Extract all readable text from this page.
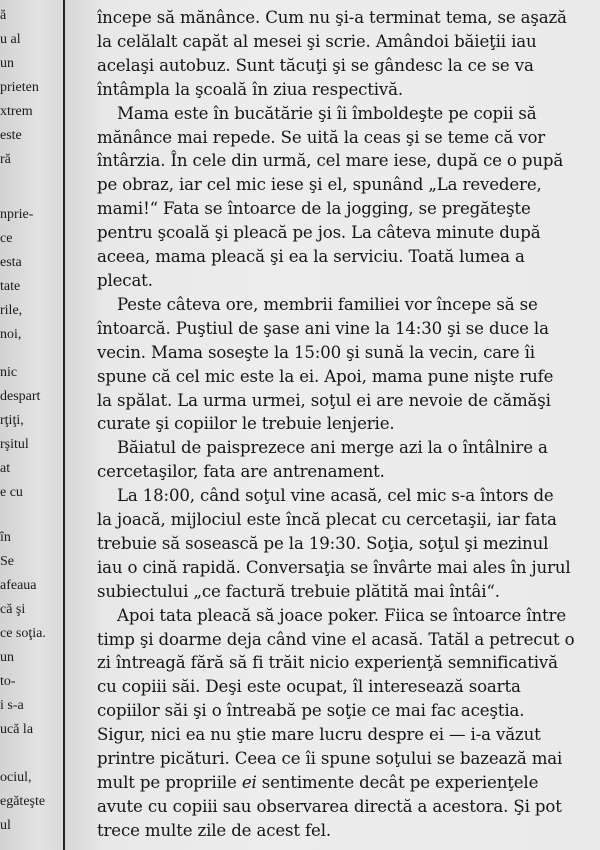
ă
u al
un
prieten
xtrem
este
ră
nprie-
ce
esta
tate
rile,
noi,
nic
despart
rţiţi,
rşitul
at
e cu
în
Se
afeaua
că şi
ce soţia.
un
to-
i s-a
ucă la
ociul,
egăteşte
ul
începe să mănânce. Cum nu şi-a terminat tema, se aşază
la celălalt capăt al mesei şi scrie. Amândoi băieţii iau
acelaşi autobuz. Sunt tăcuţi şi se gândesc la ce se va
întâmpla la şcoală în ziua respectivă.
Mama este în bucătărie şi îi îmboldeşte pe copii să
mănânce mai repede. Se uită la ceas şi se teme că vor
întârzia. În cele din urmă, cel mare iese, după ce o pupă
pe obraz, iar cel mic iese şi el, spunând „La revedere,
mami!“ Fata se întoarce de la jogging, se pregăteşte
pentru şcoală şi pleacă pe jos. La câteva minute după
aceea, mama pleacă şi ea la serviciu. Toată lumea a
plecat.
Peste câteva ore, membrii familiei vor începe să se
întoarcă. Puştiul de şase ani vine la 14:30 şi se duce la
vecin. Mama soseşte la 15:00 şi sună la vecin, care îi
spune că cel mic este la ei. Apoi, mama pune nişte rufe
la spălat. La urma urmei, soţul ei are nevoie de cămăşi
curate şi copiilor le trebuie lenjerie.
Băiatul de paisprezece ani merge azi la o întâlnire a
cercetaşilor, fata are antrenament.
La 18:00, când soţul vine acasă, cel mic s-a întors de
la joacă, mijlociul este încă plecat cu cercetaşii, iar fata
trebuie să sosească pe la 19:30. Soţia, soţul şi mezinul
iau o cină rapidă. Conversaţia se învârte mai ales în jurul
subiectului „ce factură trebuie plătită mai întâi“.
Apoi tata pleacă să joace poker. Fiica se întoarce între
timp şi doarme deja când vine el acasă. Tatăl a petrecut o
zi întreagă fără să fi trăit nicio experienţă semnificativă
cu copiii săi. Deşi este ocupat, îl interesează soarta
copiilor săi şi o întreabă pe soţie ce mai fac aceştia.
Sigur, nici ea nu ştie mare lucru despre ei — i-a văzut
printre picături. Ceea ce îi spune soţului se bazează mai
mult pe propriile ei sentimente decât pe experienţele
avute cu copiii sau observarea directă a acestora. Şi pot
trece multe zile de acest fel.
